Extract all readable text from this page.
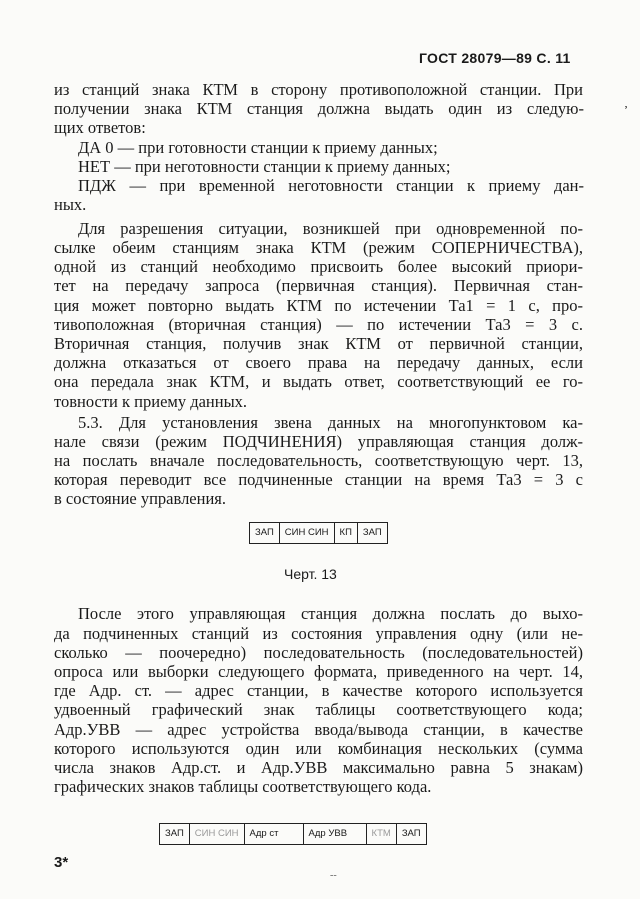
ГОСТ 28079—89 С. 11
‚
из станций знака КТМ в сторону противоположной станции. При
получении знака КТМ станция должна выдать один из следую-
щих ответов:
ДА 0 — при готовности станции к приему данных;
НЕТ — при неготовности станции к приему данных;
ПДЖ — при временной неготовности станции к приему дан-
ных.
Для разрешения ситуации, возникшей при одновременной по-
сылке обеим станциям знака КТМ (режим СОПЕРНИЧЕСТВА),
одной из станций необходимо присвоить более высокий приори-
тет на передачу запроса (первичная станция). Первичная стан-
ция может повторно выдать КТМ по истечении Та1 = 1 с, про-
тивоположная (вторичная станция) — по истечении Та3 = 3 с.
Вторичная станция, получив знак КТМ от первичной станции,
должна отказаться от своего права на передачу данных, если
она передала знак КТМ, и выдать ответ, соответствующий ее го-
товности к приему данных.
5.3. Для установления звена данных на многопунктовом ка-
нале связи (режим ПОДЧИНЕНИЯ) управляющая станция долж-
на послать вначале последовательность, соответствующую черт. 13,
которая переводит все подчиненные станции на время Та3 = 3 с
в состояние управления.
ЗАП	СИН СИН	КП	ЗАП
Черт. 13
После этого управляющая станция должна послать до выхо-
да подчиненных станций из состояния управления одну (или не-
сколько — поочередно) последовательность (последовательностей)
опроса или выборки следующего формата, приведенного на черт. 14,
где Адр. ст. — адрес станции, в качестве которого используется
удвоенный графический знак таблицы соответствующего кода;
Адр.УВВ — адрес устройства ввода/вывода станции, в качестве
которого используются один или комбинация нескольких (сумма
числа знаков Адр.ст. и Адр.УВВ максимально равна 5 знакам)
графических знаков таблицы соответствующего кода.
ЗАП	СИН СИН	Адр ст	Адр УВВ	КТМ	ЗАП
3*
--
